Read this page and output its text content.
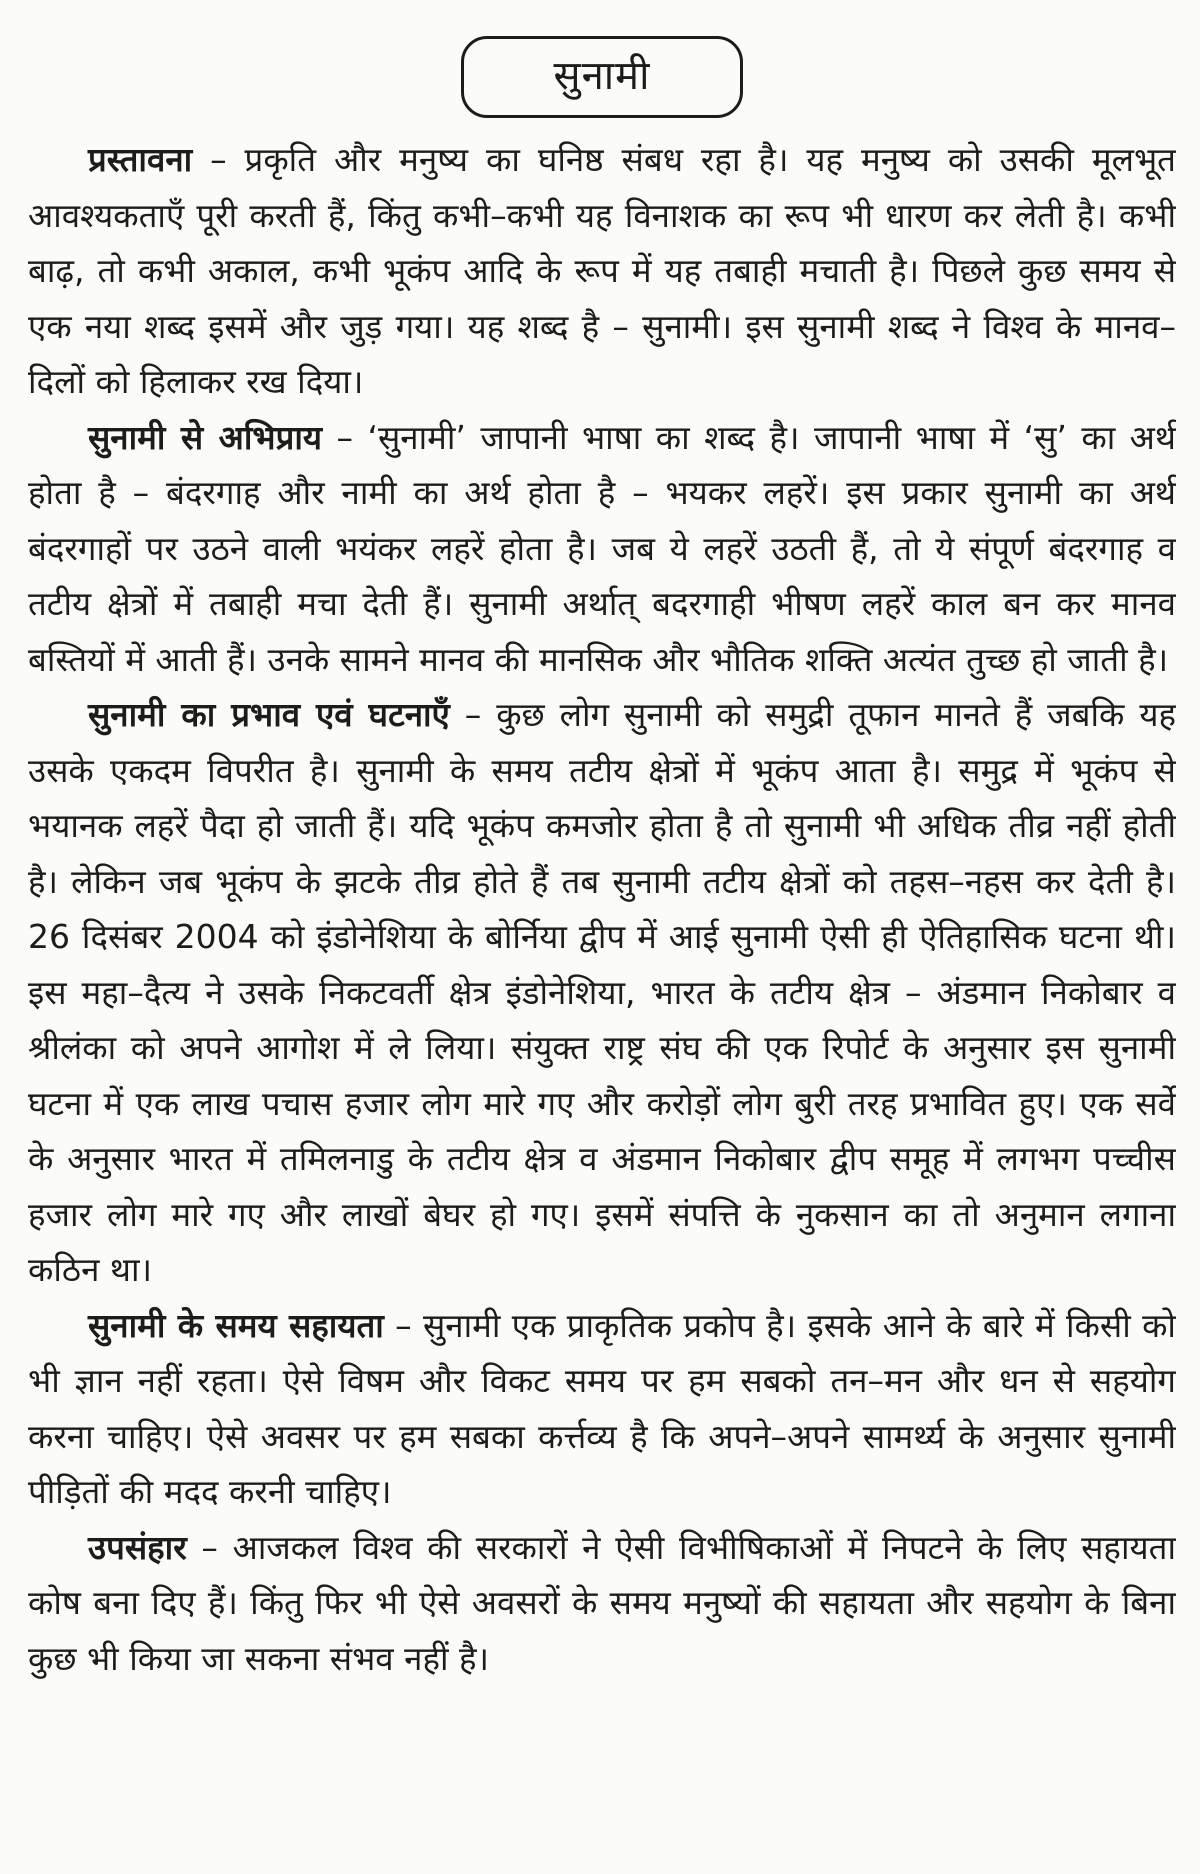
सुनामी

प्रस्तावना – प्रकृति और मनुष्य का घनिष्ठ संबध रहा है। यह मनुष्य को उसकी मूलभूत आवश्यकताएँ पूरी करती हैं, किंतु कभी–कभी यह विनाशक का रूप भी धारण कर लेती है। कभी बाढ़, तो कभी अकाल, कभी भूकंप आदि के रूप में यह तबाही मचाती है। पिछले कुछ समय से एक नया शब्द इसमें और जुड़ गया। यह शब्द है – सुनामी। इस सुनामी शब्द ने विश्व के मानव–दिलों को हिलाकर रख दिया।

सुनामी से अभिप्राय – ‘सुनामी’ जापानी भाषा का शब्द है। जापानी भाषा में ‘सु’ का अर्थ होता है – बंदरगाह और नामी का अर्थ होता है – भयकर लहरें। इस प्रकार सुनामी का अर्थ बंदरगाहों पर उठने वाली भयंकर लहरें होता है। जब ये लहरें उठती हैं, तो ये संपूर्ण बंदरगाह व तटीय क्षेत्रों में तबाही मचा देती हैं। सुनामी अर्थात् बदरगाही भीषण लहरें काल बन कर मानव बस्तियों में आती हैं। उनके सामने मानव की मानसिक और भौतिक शक्ति अत्यंत तुच्छ हो जाती है।

सुनामी का प्रभाव एवं घटनाएँ – कुछ लोग सुनामी को समुद्री तूफान मानते हैं जबकि यह उसके एकदम विपरीत है। सुनामी के समय तटीय क्षेत्रों में भूकंप आता है। समुद्र में भूकंप से भयानक लहरें पैदा हो जाती हैं। यदि भूकंप कमजोर होता है तो सुनामी भी अधिक तीव्र नहीं होती है। लेकिन जब भूकंप के झटके तीव्र होते हैं तब सुनामी तटीय क्षेत्रों को तहस–नहस कर देती है। 26 दिसंबर 2004 को इंडोनेशिया के बोर्निया द्वीप में आई सुनामी ऐसी ही ऐतिहासिक घटना थी। इस महा–दैत्य ने उसके निकटवर्ती क्षेत्र इंडोनेशिया, भारत के तटीय क्षेत्र – अंडमान निकोबार व श्रीलंका को अपने आगोश में ले लिया। संयुक्त राष्ट्र संघ की एक रिपोर्ट के अनुसार इस सुनामी घटना में एक लाख पचास हजार लोग मारे गए और करोड़ों लोग बुरी तरह प्रभावित हुए। एक सर्वे के अनुसार भारत में तमिलनाडु के तटीय क्षेत्र व अंडमान निकोबार द्वीप समूह में लगभग पच्चीस हजार लोग मारे गए और लाखों बेघर हो गए। इसमें संपत्ति के नुकसान का तो अनुमान लगाना कठिन था।

सुनामी के समय सहायता – सुनामी एक प्राकृतिक प्रकोप है। इसके आने के बारे में किसी को भी ज्ञान नहीं रहता। ऐसे विषम और विकट समय पर हम सबको तन–मन और धन से सहयोग करना चाहिए। ऐसे अवसर पर हम सबका कर्त्तव्य है कि अपने–अपने सामर्थ्य के अनुसार सुनामी पीड़ितों की मदद करनी चाहिए।

उपसंहार – आजकल विश्व की सरकारों ने ऐसी विभीषिकाओं में निपटने के लिए सहायता कोष बना दिए हैं। किंतु फिर भी ऐसे अवसरों के समय मनुष्यों की सहायता और सहयोग के बिना कुछ भी किया जा सकना संभव नहीं है।
